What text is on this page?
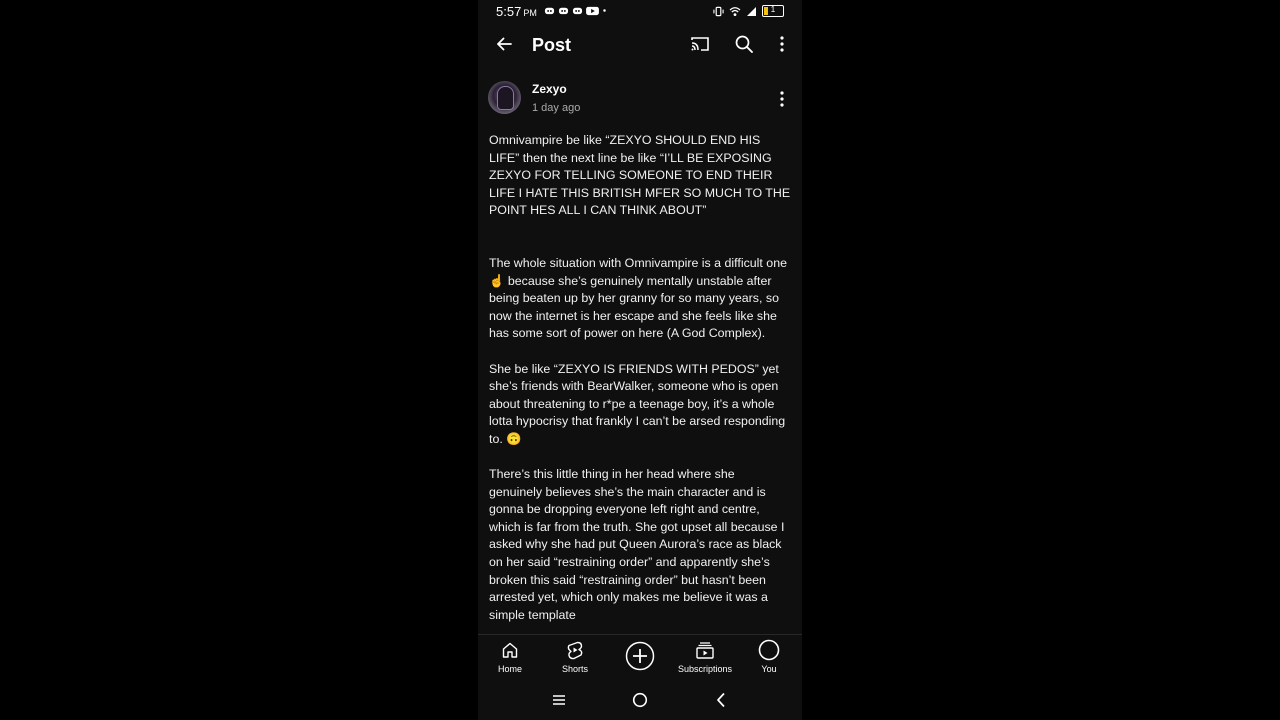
5:57 PM	1
Post
Zexyo
1 day ago

Omnivampire be like “ZEXYO SHOULD END HIS LIFE” then the next line be like “I’LL BE EXPOSING ZEXYO FOR TELLING SOMEONE TO END THEIR LIFE I HATE THIS BRITISH MFER SO MUCH TO THE POINT HES ALL I CAN THINK ABOUT”

The whole situation with Omnivampire is a difficult one ☝️ because she’s genuinely mentally unstable after being beaten up by her granny for so many years, so now the internet is her escape and she feels like she has some sort of power on here (A God Complex).

She be like “ZEXYO IS FRIENDS WITH PEDOS” yet she’s friends with BearWalker, someone who is open about threatening to r*pe a teenage boy, it’s a whole lotta hypocrisy that frankly I can’t be arsed responding to. 🙃

There’s this little thing in her head where she genuinely believes she’s the main character and is gonna be dropping everyone left right and centre, which is far from the truth. She got upset all because I asked why she had put Queen Aurora’s race as black on her said “restraining order” and apparently she’s broken this said “restraining order” but hasn’t been arrested yet, which only makes me believe it was a simple template

Home	Shorts	Subscriptions	You
